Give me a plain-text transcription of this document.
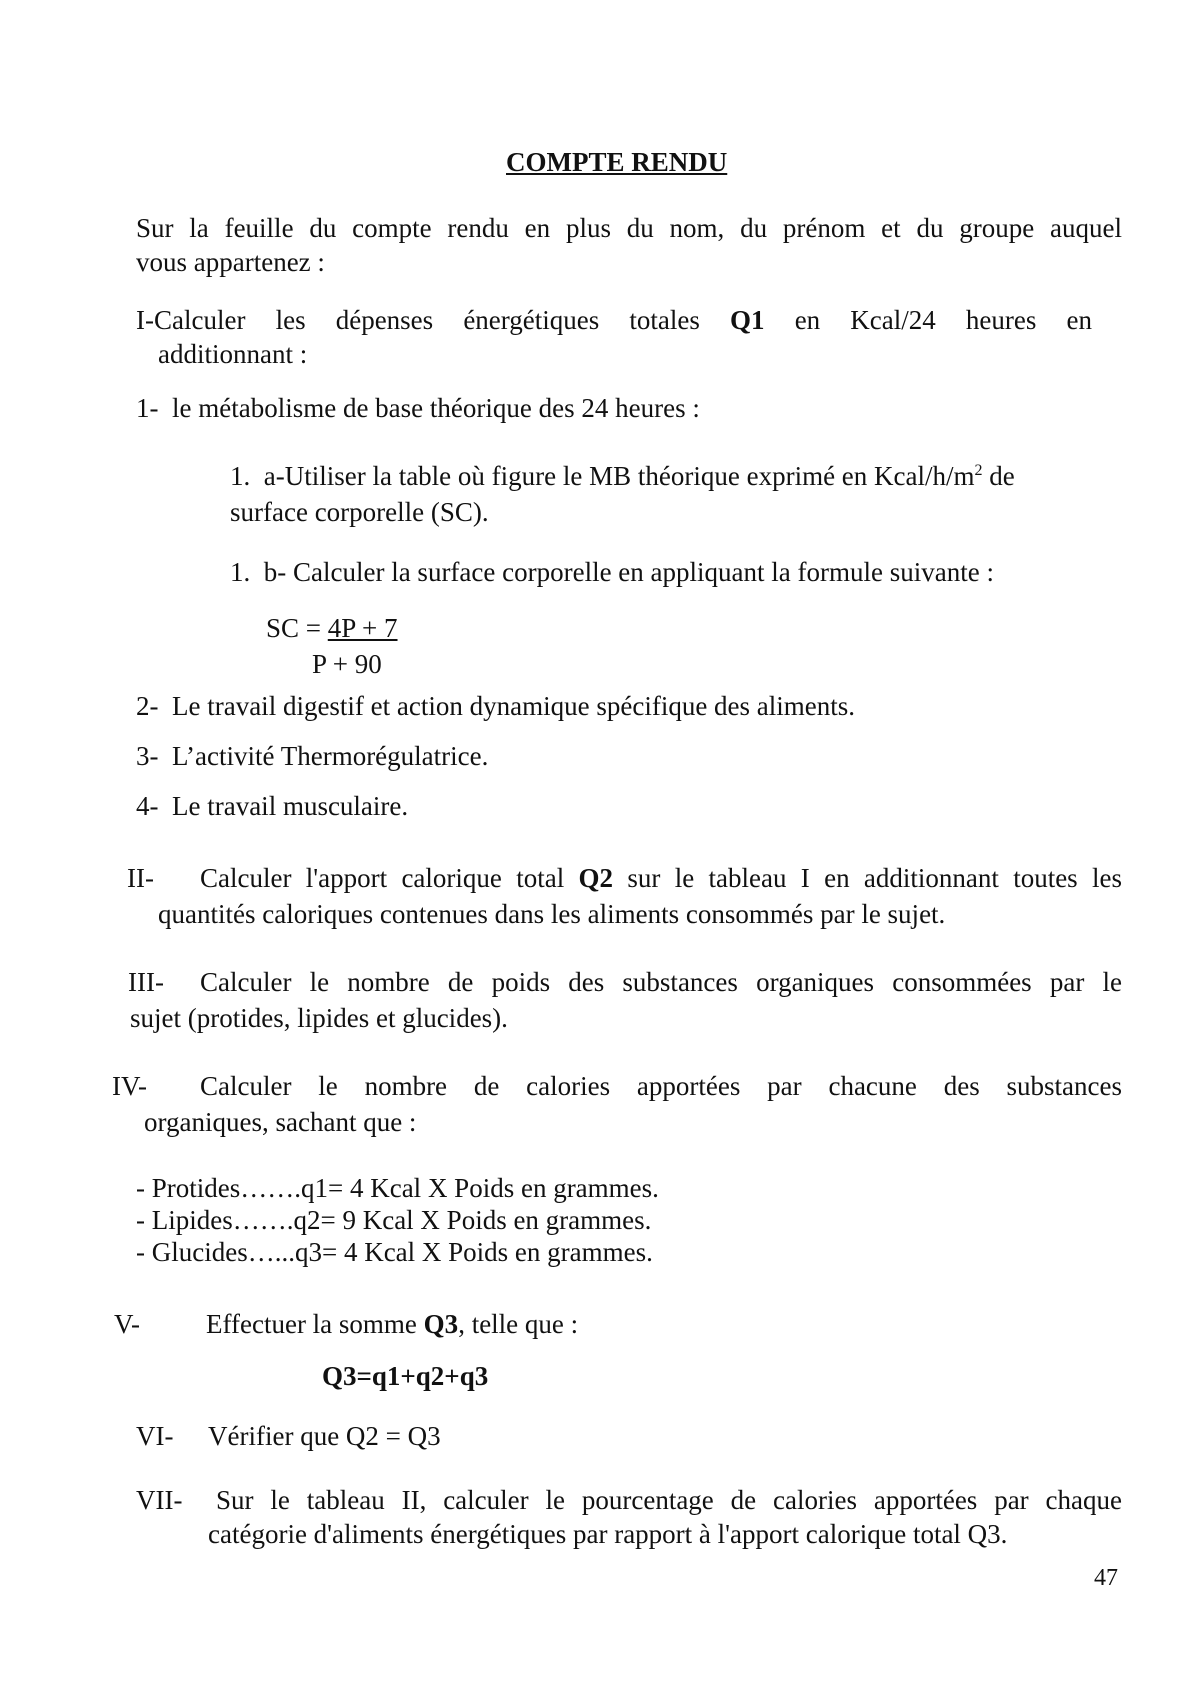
COMPTE RENDU
Sur la feuille du compte rendu en plus du nom, du prénom et du groupe auquel
vous appartenez :
I-Calculer les dépenses énergétiques totales Q1 en Kcal/24 heures en
additionnant :
1- le métabolisme de base théorique des 24 heures :
1. a-Utiliser la table où figure le MB théorique exprimé en Kcal/$h/m^2$ de
surface corporelle (SC).
1. b- Calculer la surface corporelle en appliquant la formule suivante :
SC = 4P + 7
P + 90
2- Le travail digestif et action dynamique spécifique des aliments.
3- L’activité Thermorégulatrice.
4- Le travail musculaire.
II- Calculer l'apport calorique total Q2 sur le tableau I en additionnant toutes les
quantités caloriques contenues dans les aliments consommés par le sujet.
III- Calculer le nombre de poids des substances organiques consommées par le
sujet (protides, lipides et glucides).
IV- Calculer le nombre de calories apportées par chacune des substances
organiques, sachant que :
- Protides…….q1= 4 Kcal X Poids en grammes.
- Lipides…….q2= 9 Kcal X Poids en grammes.
- Glucides…...q3= 4 Kcal X Poids en grammes.
V- Effectuer la somme Q3, telle que :
Q3=q1+q2+q3
VI- Vérifier que Q2 = Q3
VII- Sur le tableau II, calculer le pourcentage de calories apportées par chaque
catégorie d'aliments énergétiques par rapport à l'apport calorique total Q3.
47
